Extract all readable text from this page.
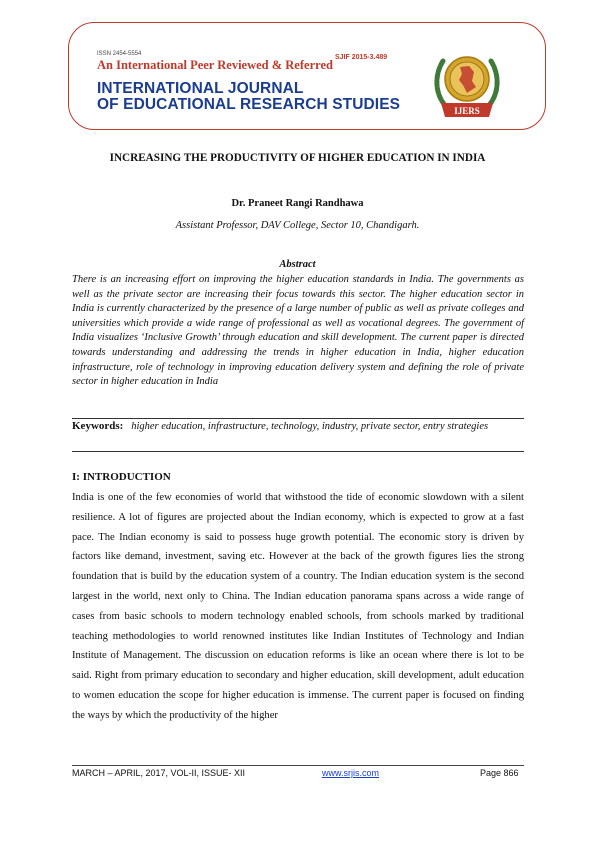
ISSN 2454-5554
An International Peer Reviewed & Referred
SJIF 2015-3.489
INTERNATIONAL JOURNAL
OF EDUCATIONAL RESEARCH STUDIES	IJERS
INCREASING THE PRODUCTIVITY OF HIGHER EDUCATION IN INDIA
Dr. Praneet Rangi Randhawa
Assistant Professor, DAV College, Sector 10, Chandigarh.
Abstract

There is an increasing effort on improving the higher education standards in India. The governments as well as the private sector are increasing their focus towards this sector. The higher education sector in India is currently characterized by the presence of a large number of public as well as private colleges and universities which provide a wide range of professional as well as vocational degrees. The government of India visualizes ‘Inclusive Growth’ through education and skill development. The current paper is directed towards understanding and addressing the trends in higher education in India, higher education infrastructure, role of technology in improving education delivery system and defining the role of private sector in higher education in India

Keywords: higher education, infrastructure, technology, industry, private sector, entry strategies
I: INTRODUCTION

India is one of the few economies of world that withstood the tide of economic slowdown with a silent resilience. A lot of figures are projected about the Indian economy, which is expected to grow at a fast pace. The Indian economy is said to possess huge growth potential. The economic story is driven by factors like demand, investment, saving etc. However at the back of the growth figures lies the strong foundation that is build by the education system of a country. The Indian education system is the second largest in the world, next only to China. The Indian education panorama spans across a wide range of cases from basic schools to modern technology enabled schools, from schools marked by traditional teaching methodologies to world renowned institutes like Indian Institutes of Technology and Indian Institute of Management. The discussion on education reforms is like an ocean where there is lot to be said. Right from primary education to secondary and higher education, skill development, adult education to women education the scope for higher education is immense. The current paper is focused on finding the ways by which the productivity of the higher

MARCH – APRIL, 2017, VOL-II, ISSUE- XII	www.srjis.com	Page 866
